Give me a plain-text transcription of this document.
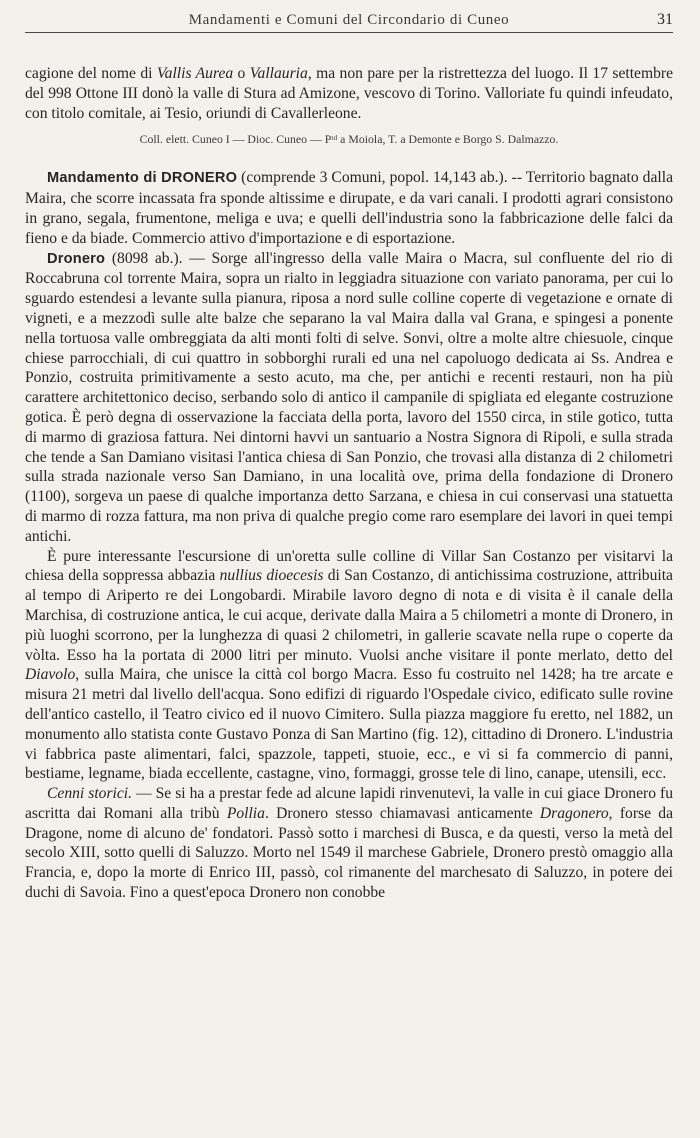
Mandamenti e Comuni del Circondario di Cuneo	31

cagione del nome di Vallis Aurea o Vallauria, ma non pare per la ristrettezza del luogo. Il 17 settembre del 998 Ottone III donò la valle di Stura ad Amizone, vescovo di Torino. Valloriate fu quindi infeudato, con titolo comitale, ai Tesio, oriundi di Cavallerleone.

Coll. elett. Cuneo I — Dioc. Cuneo — Pᵗᵈ a Moiola, T. a Demonte e Borgo S. Dalmazzo.

Mandamento di DRONERO (comprende 3 Comuni, popol. 14,143 ab.). -- Territorio bagnato dalla Maira, che scorre incassata fra sponde altissime e dirupate, e da vari canali. I prodotti agrari consistono in grano, segala, frumentone, meliga e uva; e quelli dell'industria sono la fabbricazione delle falci da fieno e da biade. Commercio attivo d'importazione e di esportazione.

Dronero (8098 ab.). — Sorge all'ingresso della valle Maira o Macra, sul confluente del rio di Roccabruna col torrente Maira, sopra un rialto in leggiadra situazione con variato panorama, per cui lo sguardo estendesi a levante sulla pianura, riposa a nord sulle colline coperte di vegetazione e ornate di vigneti, e a mezzodì sulle alte balze che separano la val Maira dalla val Grana, e spingesi a ponente nella tortuosa valle ombreggiata da alti monti folti di selve. Sonvi, oltre a molte altre chiesuole, cinque chiese parrocchiali, di cui quattro in sobborghi rurali ed una nel capoluogo dedicata ai Ss. Andrea e Ponzio, costruita primitivamente a sesto acuto, ma che, per antichi e recenti restauri, non ha più carattere architettonico deciso, serbando solo di antico il campanile di spigliata ed elegante costruzione gotica. È però degna di osservazione la facciata della porta, lavoro del 1550 circa, in stile gotico, tutta di marmo di graziosa fattura. Nei dintorni havvi un santuario a Nostra Signora di Ripoli, e sulla strada che tende a San Damiano visitasi l'antica chiesa di San Ponzio, che trovasi alla distanza di 2 chilometri sulla strada nazionale verso San Damiano, in una località ove, prima della fondazione di Dronero (1100), sorgeva un paese di qualche importanza detto Sarzana, e chiesa in cui conservasi una statuetta di marmo di rozza fattura, ma non priva di qualche pregio come raro esemplare dei lavori in quei tempi antichi.

È pure interessante l'escursione di un'oretta sulle colline di Villar San Costanzo per visitarvi la chiesa della soppressa abbazia nullius dioecesis di San Costanzo, di antichissima costruzione, attribuita al tempo di Ariperto re dei Longobardi. Mirabile lavoro degno di nota e di visita è il canale della Marchisa, di costruzione antica, le cui acque, derivate dalla Maira a 5 chilometri a monte di Dronero, in più luoghi scorrono, per la lunghezza di quasi 2 chilometri, in gallerie scavate nella rupe o coperte da vòlta. Esso ha la portata di 2000 litri per minuto. Vuolsi anche visitare il ponte merlato, detto del Diavolo, sulla Maira, che unisce la città col borgo Macra. Esso fu costruito nel 1428; ha tre arcate e misura 21 metri dal livello dell'acqua. Sono edifizi di riguardo l'Ospedale civico, edificato sulle rovine dell'antico castello, il Teatro civico ed il nuovo Cimitero. Sulla piazza maggiore fu eretto, nel 1882, un monumento allo statista conte Gustavo Ponza di San Martino (fig. 12), cittadino di Dronero. L'industria vi fabbrica paste alimentari, falci, spazzole, tappeti, stuoie, ecc., e vi si fa commercio di panni, bestiame, legname, biada eccellente, castagne, vino, formaggi, grosse tele di lino, canape, utensili, ecc.

Cenni storici. — Se si ha a prestar fede ad alcune lapidi rinvenutevi, la valle in cui giace Dronero fu ascritta dai Romani alla tribù Pollia. Dronero stesso chiamavasi anticamente Dragonero, forse da Dragone, nome di alcuno de' fondatori. Passò sotto i marchesi di Busca, e da questi, verso la metà del secolo XIII, sotto quelli di Saluzzo. Morto nel 1549 il marchese Gabriele, Dronero prestò omaggio alla Francia, e, dopo la morte di Enrico III, passò, col rimanente del marchesato di Saluzzo, in potere dei duchi di Savoia. Fino a quest'epoca Dronero non conobbe
